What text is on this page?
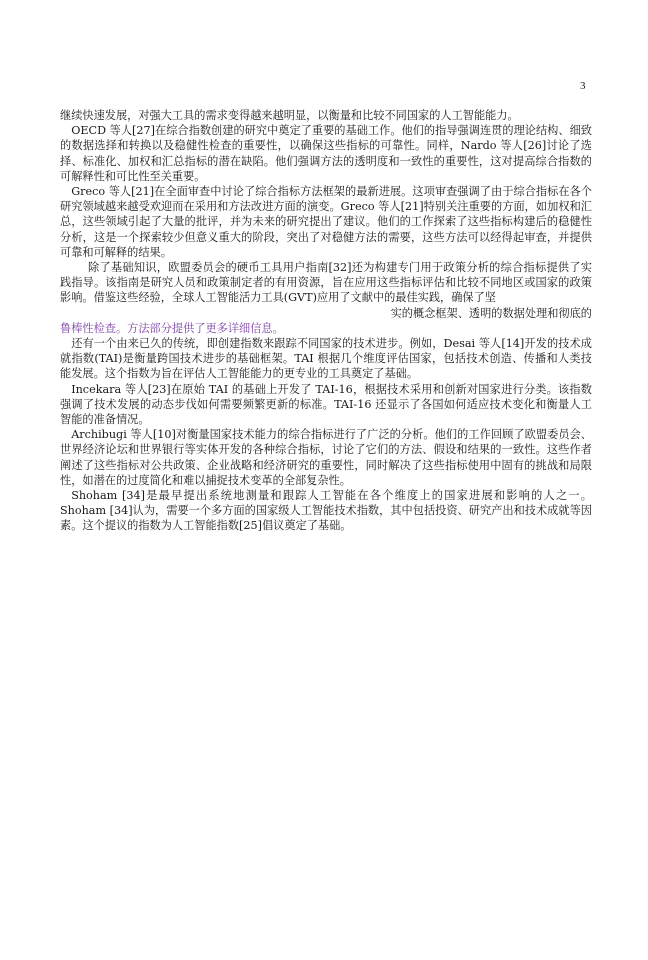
3

继续快速发展，对强大工具的需求变得越来越明显，以衡量和比较不同国家的人工智能能力。

OECD 等人[27]在综合指数创建的研究中奠定了重要的基础工作。他们的指导强调连贯的理论结构、细致的数据选择和转换以及稳健性检查的重要性，以确保这些指标的可靠性。同样，Nardo 等人[26]讨论了选择、标准化、加权和汇总指标的潜在缺陷。他们强调方法的透明度和一致性的重要性，这对提高综合指数的可解释性和可比性至关重要。

Greco 等人[21]在全面审查中讨论了综合指标方法框架的最新进展。这项审查强调了由于综合指标在各个研究领域越来越受欢迎而在采用和方法改进方面的演变。Greco 等人[21]特别关注重要的方面，如加权和汇总，这些领域引起了大量的批评，并为未来的研究提出了建议。他们的工作探索了这些指标构建后的稳健性分析，这是一个探索较少但意义重大的阶段，突出了对稳健方法的需要，这些方法可以经得起审查，并提供可靠和可解释的结果。

除了基础知识，欧盟委员会的硬币工具用户指南[32]还为构建专门用于政策分析的综合指标提供了实践指导。该指南是研究人员和政策制定者的有用资源，旨在应用这些指标评估和比较不同地区或国家的政策影响。借鉴这些经验，全球人工智能活力工具(GVT)应用了文献中的最佳实践，确保了坚

实的概念框架、透明的数据处理和彻底的

鲁棒性检查。方法部分提供了更多详细信息。

还有一个由来已久的传统，即创建指数来跟踪不同国家的技术进步。例如，Desai 等人[14]开发的技术成就指数(TAI)是衡量跨国技术进步的基础框架。TAI 根据几个维度评估国家，包括技术创造、传播和人类技能发展。这个指数为旨在评估人工智能能力的更专业的工具奠定了基础。

Incekara 等人[23]在原始 TAI 的基础上开发了 TAI-16，根据技术采用和创新对国家进行分类。该指数强调了技术发展的动态步伐如何需要频繁更新的标准。TAI-16 还显示了各国如何适应技术变化和衡量人工智能的准备情况。

Archibugi 等人[10]对衡量国家技术能力的综合指标进行了广泛的分析。他们的工作回顾了欧盟委员会、世界经济论坛和世界银行等实体开发的各种综合指标，讨论了它们的方法、假设和结果的一致性。这些作者阐述了这些指标对公共政策、企业战略和经济研究的重要性，同时解决了这些指标使用中固有的挑战和局限性，如潜在的过度简化和难以捕捉技术变革的全部复杂性。

Shoham [34]是最早提出系统地测量和跟踪人工智能在各个维度上的国家进展和影响的人之一。Shoham [34]认为，需要一个多方面的国家级人工智能技术指数，其中包括投资、研究产出和技术成就等因素。这个提议的指数为人工智能指数[25]倡议奠定了基础。
